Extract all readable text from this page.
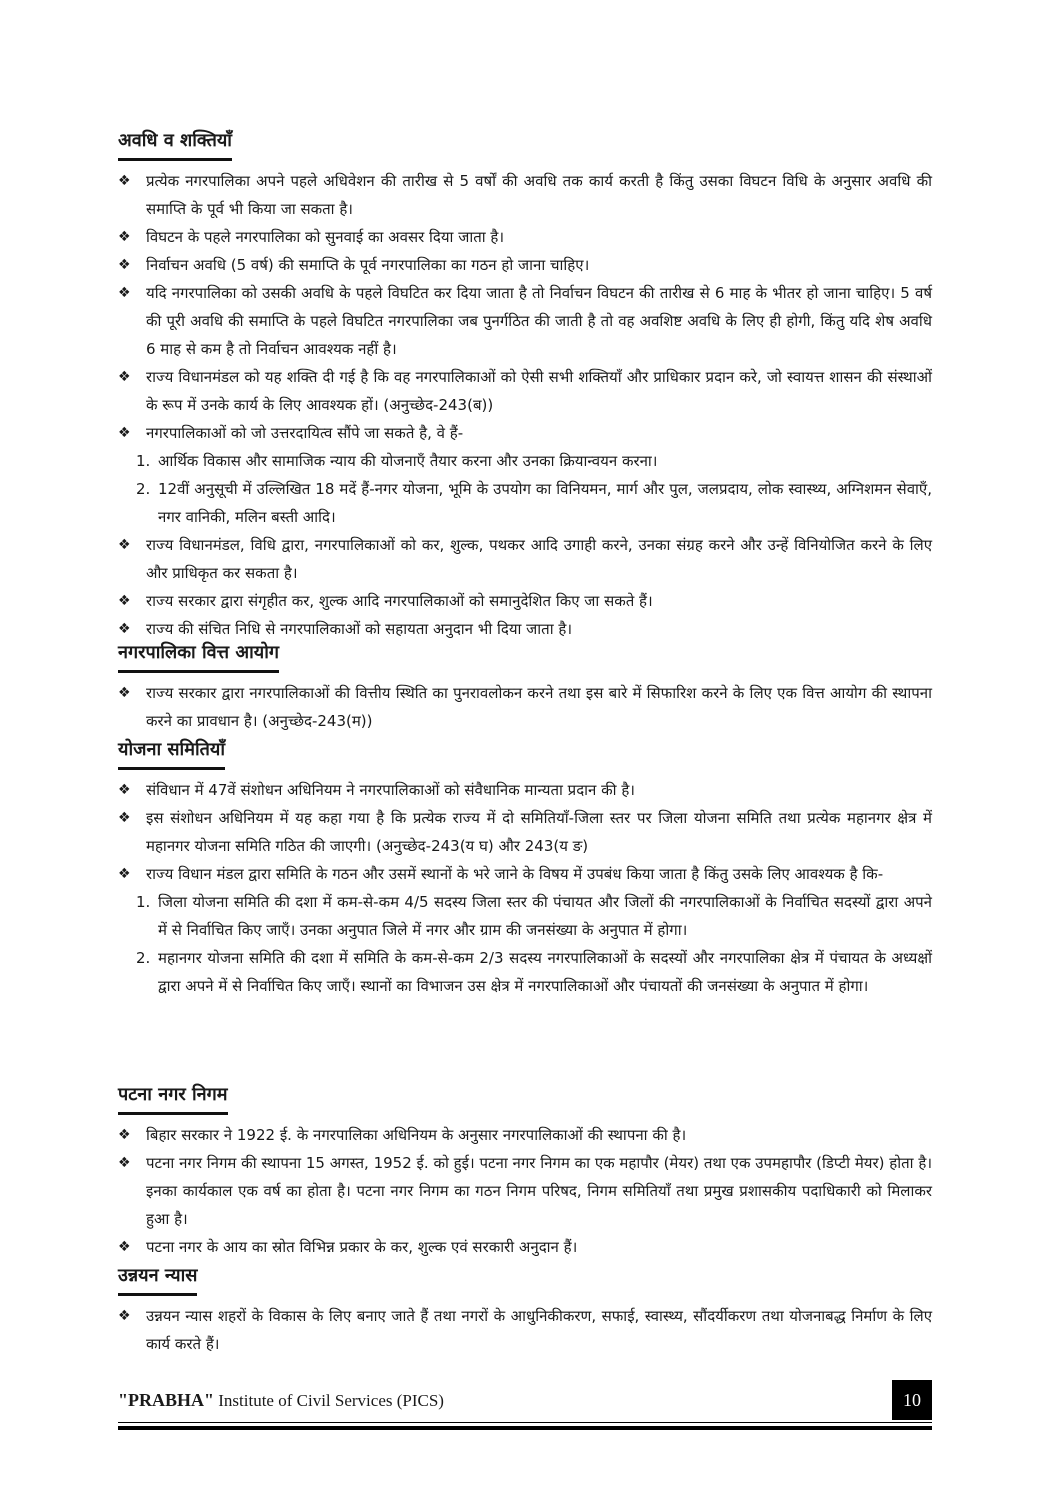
अवधि व शक्तियाँ
❖ प्रत्येक नगरपालिका अपने पहले अधिवेशन की तारीख से 5 वर्षों की अवधि तक कार्य करती है किंतु उसका विघटन विधि के अनुसार अवधि की समाप्ति के पूर्व भी किया जा सकता है।
❖ विघटन के पहले नगरपालिका को सुनवाई का अवसर दिया जाता है।
❖ निर्वाचन अवधि (5 वर्ष) की समाप्ति के पूर्व नगरपालिका का गठन हो जाना चाहिए।
❖ यदि नगरपालिका को उसकी अवधि के पहले विघटित कर दिया जाता है तो निर्वाचन विघटन की तारीख से 6 माह के भीतर हो जाना चाहिए। 5 वर्ष की पूरी अवधि की समाप्ति के पहले विघटित नगरपालिका जब पुनर्गठित की जाती है तो वह अवशिष्ट अवधि के लिए ही होगी, किंतु यदि शेष अवधि 6 माह से कम है तो निर्वाचन आवश्यक नहीं है।
❖ राज्य विधानमंडल को यह शक्ति दी गई है कि वह नगरपालिकाओं को ऐसी सभी शक्तियाँ और प्राधिकार प्रदान करे, जो स्वायत्त शासन की संस्थाओं के रूप में उनके कार्य के लिए आवश्यक हों। (अनुच्छेद-243(ब))
❖ नगरपालिकाओं को जो उत्तरदायित्व सौंपे जा सकते है, वे हैं-
1. आर्थिक विकास और सामाजिक न्याय की योजनाएँ तैयार करना और उनका क्रियान्वयन करना।
2. 12वीं अनुसूची में उल्लिखित 18 मदें हैं-नगर योजना, भूमि के उपयोग का विनियमन, मार्ग और पुल, जलप्रदाय, लोक स्वास्थ्य, अग्निशमन सेवाएँ, नगर वानिकी, मलिन बस्ती आदि।
❖ राज्य विधानमंडल, विधि द्वारा, नगरपालिकाओं को कर, शुल्क, पथकर आदि उगाही करने, उनका संग्रह करने और उन्हें विनियोजित करने के लिए और प्राधिकृत कर सकता है।
❖ राज्य सरकार द्वारा संगृहीत कर, शुल्क आदि नगरपालिकाओं को समानुदेशित किए जा सकते हैं।
❖ राज्य की संचित निधि से नगरपालिकाओं को सहायता अनुदान भी दिया जाता है।
नगरपालिका वित्त आयोग
❖ राज्य सरकार द्वारा नगरपालिकाओं की वित्तीय स्थिति का पुनरावलोकन करने तथा इस बारे में सिफारिश करने के लिए एक वित्त आयोग की स्थापना करने का प्रावधान है। (अनुच्छेद-243(म))
योजना समितियाँ
❖ संविधान में 47वें संशोधन अधिनियम ने नगरपालिकाओं को संवैधानिक मान्यता प्रदान की है।
❖ इस संशोधन अधिनियम में यह कहा गया है कि प्रत्येक राज्य में दो समितियाँ-जिला स्तर पर जिला योजना समिति तथा प्रत्येक महानगर क्षेत्र में महानगर योजना समिति गठित की जाएगी। (अनुच्छेद-243(य घ) और 243(य ङ)
❖ राज्य विधान मंडल द्वारा समिति के गठन और उसमें स्थानों के भरे जाने के विषय में उपबंध किया जाता है किंतु उसके लिए आवश्यक है कि-
1. जिला योजना समिति की दशा में कम-से-कम 4/5 सदस्य जिला स्तर की पंचायत और जिलों की नगरपालिकाओं के निर्वाचित सदस्यों द्वारा अपने में से निर्वाचित किए जाएँ। उनका अनुपात जिले में नगर और ग्राम की जनसंख्या के अनुपात में होगा।
2. महानगर योजना समिति की दशा में समिति के कम-से-कम 2/3 सदस्य नगरपालिकाओं के सदस्यों और नगरपालिका क्षेत्र में पंचायत के अध्यक्षों द्वारा अपने में से निर्वाचित किए जाएँ। स्थानों का विभाजन उस क्षेत्र में नगरपालिकाओं और पंचायतों की जनसंख्या के अनुपात में होगा।
पटना नगर निगम
❖ बिहार सरकार ने 1922 ई. के नगरपालिका अधिनियम के अनुसार नगरपालिकाओं की स्थापना की है।
❖ पटना नगर निगम की स्थापना 15 अगस्त, 1952 ई. को हुई। पटना नगर निगम का एक महापौर (मेयर) तथा एक उपमहापौर (डिप्टी मेयर) होता है। इनका कार्यकाल एक वर्ष का होता है। पटना नगर निगम का गठन निगम परिषद, निगम समितियाँ तथा प्रमुख प्रशासकीय पदाधिकारी को मिलाकर हुआ है।
❖ पटना नगर के आय का स्रोत विभिन्न प्रकार के कर, शुल्क एवं सरकारी अनुदान हैं।
उन्नयन न्यास
❖ उन्नयन न्यास शहरों के विकास के लिए बनाए जाते हैं तथा नगरों के आधुनिकीकरण, सफाई, स्वास्थ्य, सौंदर्यीकरण तथा योजनाबद्ध निर्माण के लिए कार्य करते हैं।
"PRABHA" Institute of Civil Services (PICS)	10
